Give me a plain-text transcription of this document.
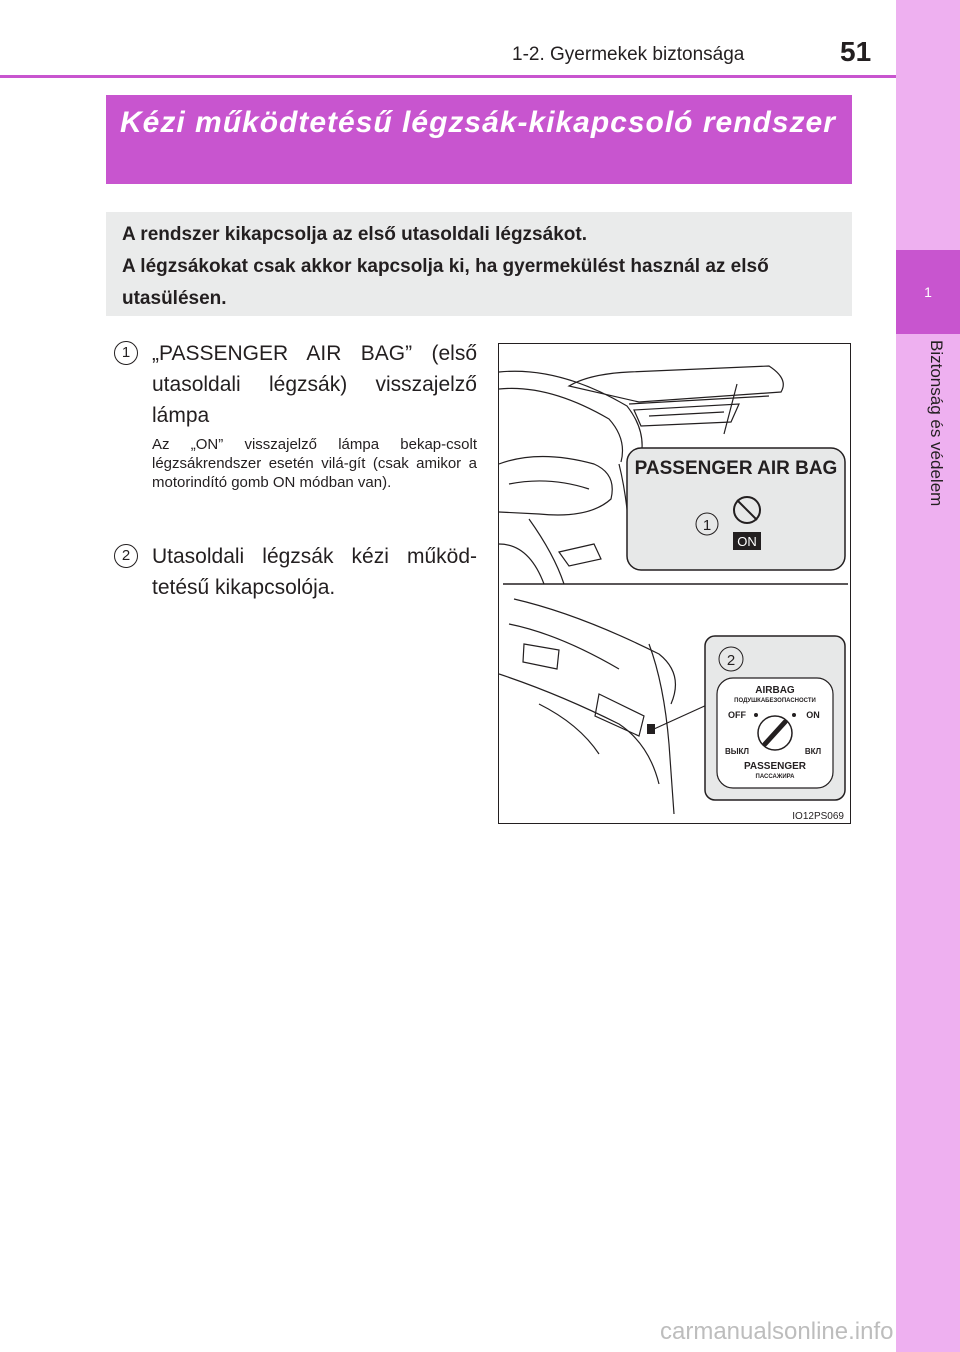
1
Biztonság és védelem
1-2. Gyermekek biztonsága	51
Kézi működtetésű légzsák-kikapcsoló rendszer
A rendszer kikapcsolja az első utasoldali légzsákot.
A légzsákokat csak akkor kapcsolja ki, ha gyermekülést használ az első utasülésen.
1	„PASSENGER AIR BAG” (első utasoldali légzsák) visszajelző lámpa
Az „ON” visszajelző lámpa bekap-csolt légzsákrendszer esetén vilá-gít (csak amikor a motorindító gomb ON módban van).
2	Utasoldali légzsák kézi működ-tetésű kikapcsolója.
PASSENGER AIR BAG
1
ON
2
AIRBAG
ПОДУШКАБЕЗОПАСНОСТИ
OFF	ON
ВЫКЛ	ВКЛ
PASSENGER
ПАССАЖИРА
IO12PS069
carmanualsonline.info
